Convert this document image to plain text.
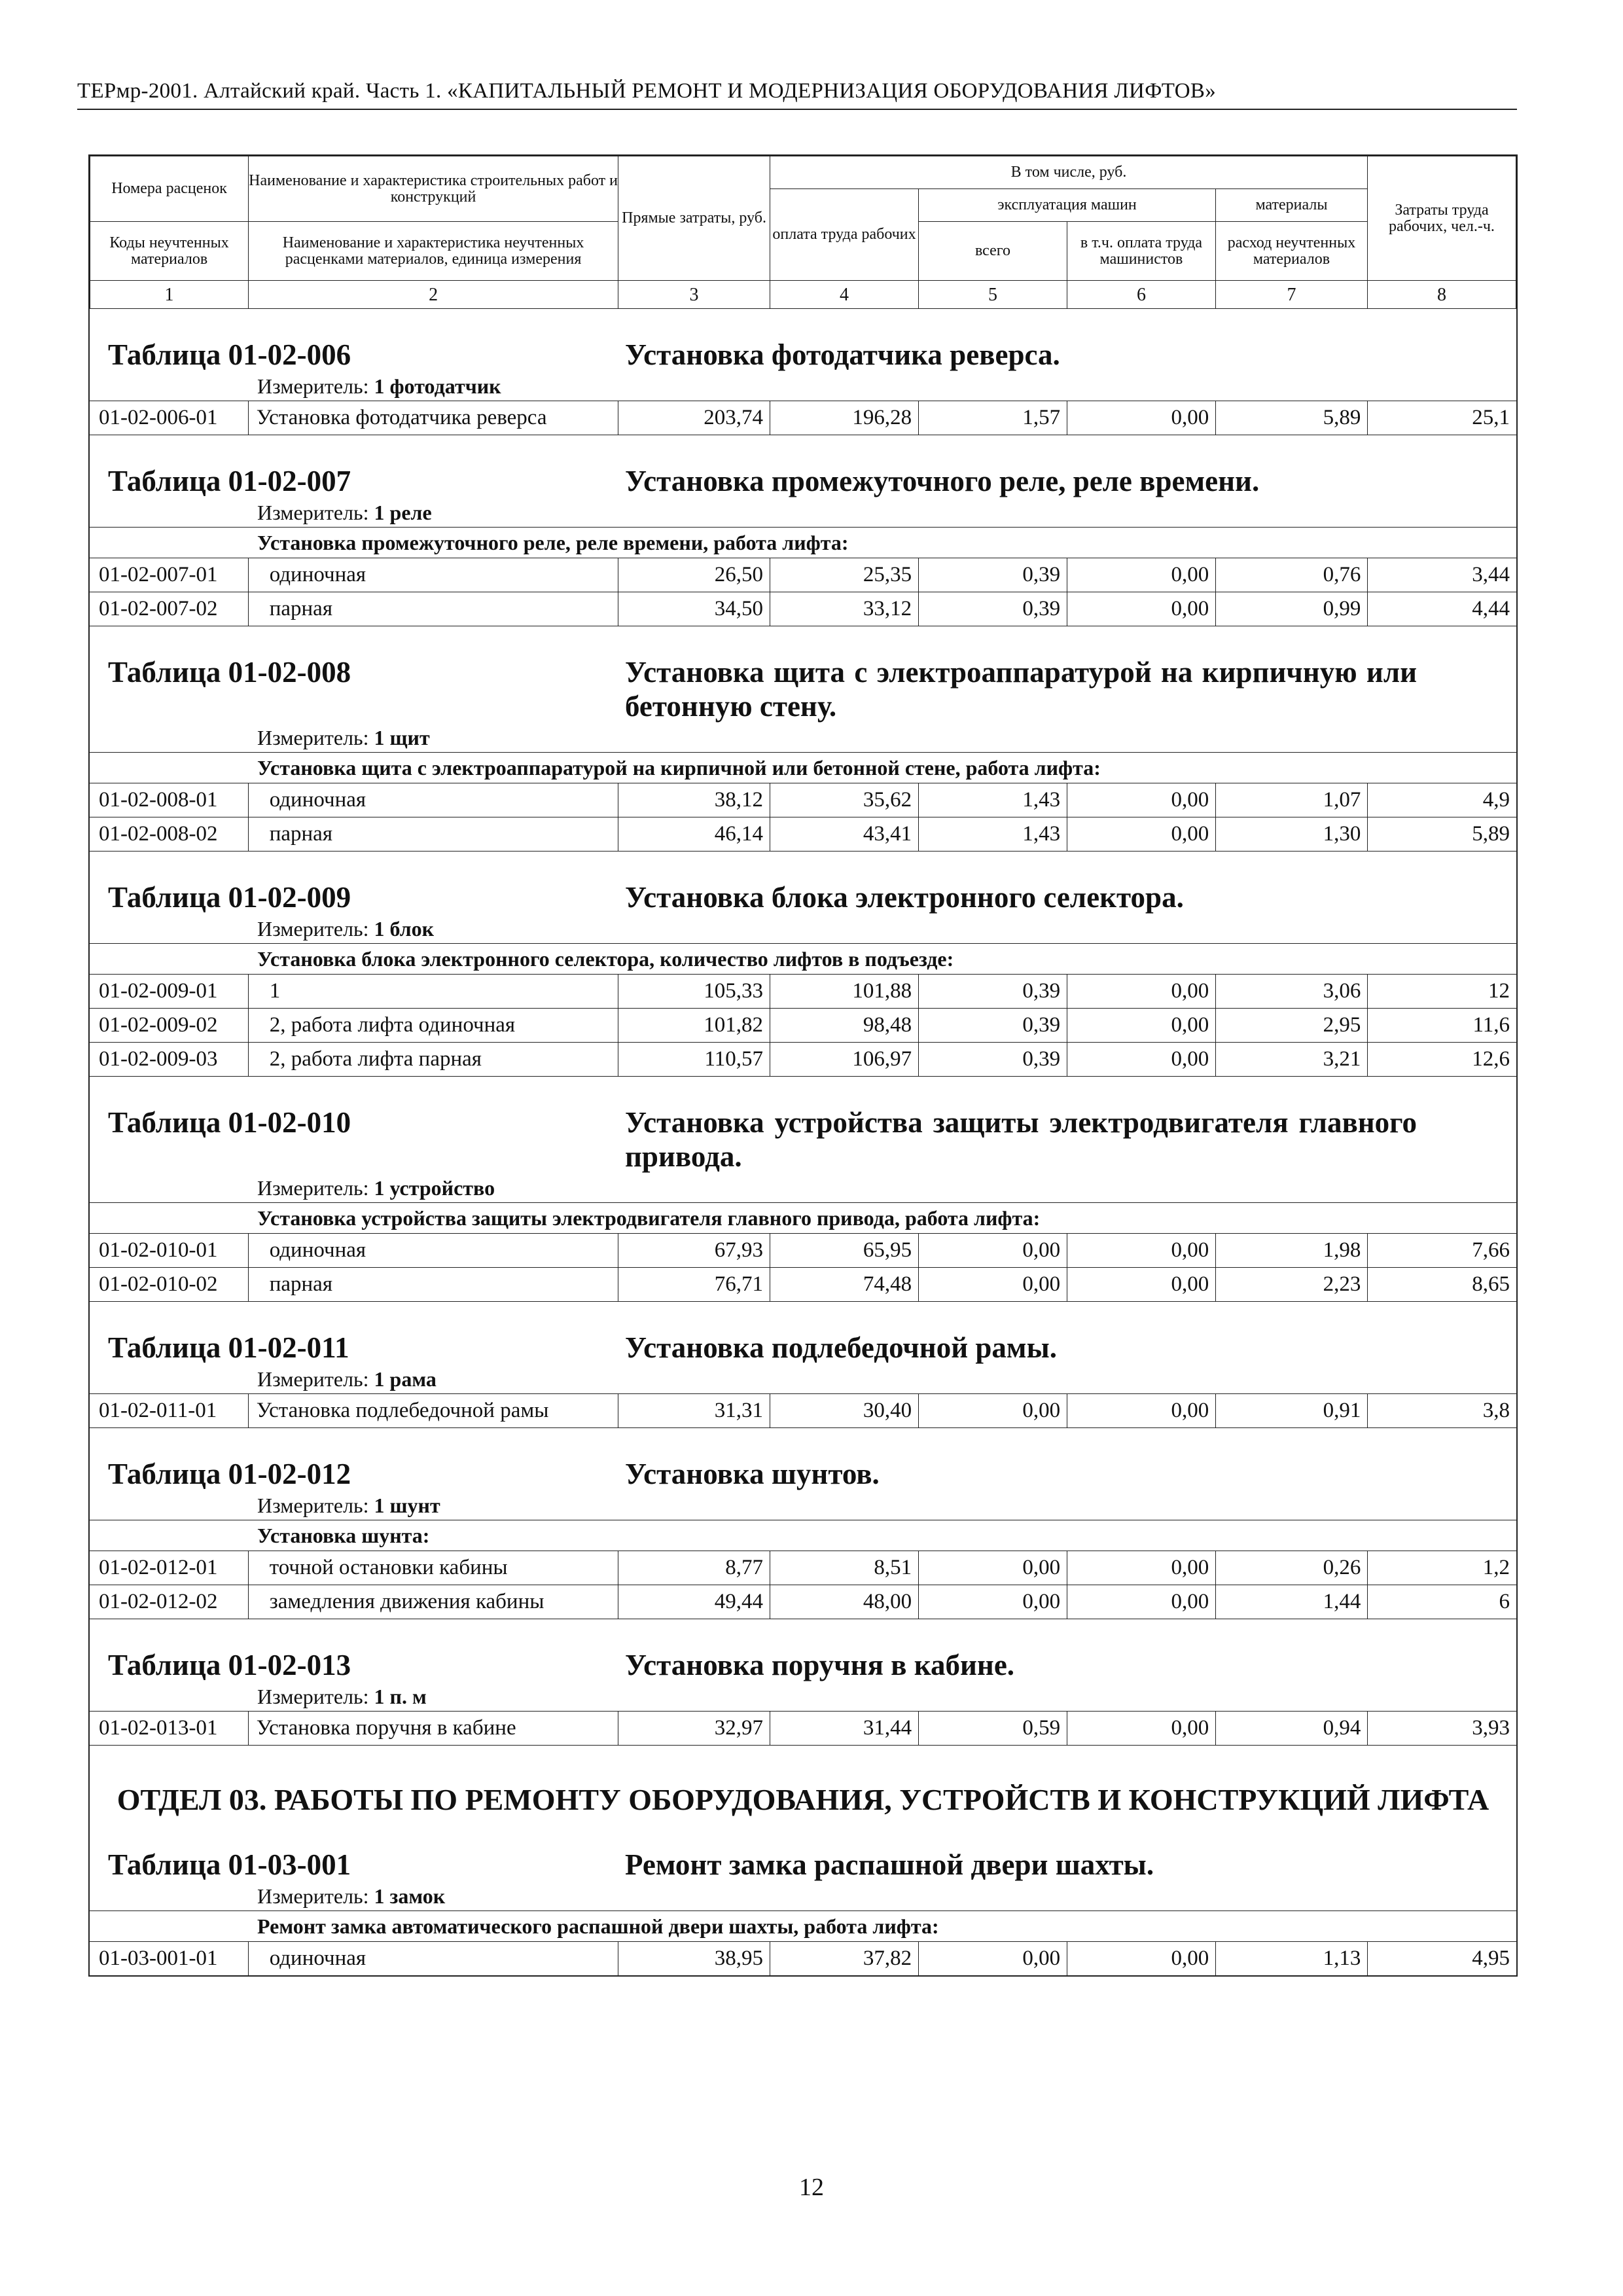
ТЕРмр-2001. Алтайский край. Часть 1. «КАПИТАЛЬНЫЙ РЕМОНТ И МОДЕРНИЗАЦИЯ ОБОРУДОВАНИЯ ЛИФТОВ»
Номера расценок	Наименование и характеристика строительных работ и конструкций	Прямые затраты, руб.	В том числе, руб.				Затраты труда рабочих, чел.-ч.
			оплата труда рабочих	эксплуатация машин		материалы	
Коды неучтенных материалов	Наименование и характеристика неучтенных расценками материалов, единица измерения			всего	в т.ч. оплата труда машинистов	расход неучтенных материалов	
1	2	3	4	5	6	7	8
Таблица 01-02-006 Установка фотодатчика реверса.							

Измеритель: 1 фотодатчик							
01-02-006-01	Установка фотодатчика реверса	203,74	196,28	1,57	0,00	5,89	25,1

Таблица 01-02-007 Установка промежуточного реле, реле времени.							

Измеритель: 1 реле							
Установка промежуточного реле, реле времени, работа лифта:							
01-02-007-01	одиночная	26,50	25,35	0,39	0,00	0,76	3,44
01-02-007-02	парная	34,50	33,12	0,39	0,00	0,99	4,44

Таблица 01-02-008 Установка щита с электроаппаратурой на кирпичную или бетонную стену.							

Измеритель: 1 щит							
Установка щита с электроаппаратурой на кирпичной или бетонной стене, работа лифта:							
01-02-008-01	одиночная	38,12	35,62	1,43	0,00	1,07	4,9
01-02-008-02	парная	46,14	43,41	1,43	0,00	1,30	5,89

Таблица 01-02-009 Установка блока электронного селектора.							

Измеритель: 1 блок							
Установка блока электронного селектора, количество лифтов в подъезде:							
01-02-009-01	1	105,33	101,88	0,39	0,00	3,06	12
01-02-009-02	2, работа лифта одиночная	101,82	98,48	0,39	0,00	2,95	11,6
01-02-009-03	2, работа лифта парная	110,57	106,97	0,39	0,00	3,21	12,6

Таблица 01-02-010 Установка устройства защиты электродвигателя главного привода.							

Измеритель: 1 устройство							
Установка устройства защиты электродвигателя главного привода, работа лифта:							
01-02-010-01	одиночная	67,93	65,95	0,00	0,00	1,98	7,66
01-02-010-02	парная	76,71	74,48	0,00	0,00	2,23	8,65

Таблица 01-02-011 Установка подлебедочной рамы.							

Измеритель: 1 рама							
01-02-011-01	Установка подлебедочной рамы	31,31	30,40	0,00	0,00	0,91	3,8

Таблица 01-02-012 Установка шунтов.							

Измеритель: 1 шунт							
Установка шунта:							
01-02-012-01	точной остановки кабины	8,77	8,51	0,00	0,00	0,26	1,2
01-02-012-02	замедления движения кабины	49,44	48,00	0,00	0,00	1,44	6

Таблица 01-02-013 Установка поручня в кабине.							

Измеритель: 1 п. м							
01-02-013-01	Установка поручня в кабине	32,97	31,44	0,59	0,00	0,94	3,93
ОТДЕЛ 03. РАБОТЫ ПО РЕМОНТУ ОБОРУДОВАНИЯ, УСТРОЙСТВ И КОНСТРУКЦИЙ ЛИФТА							

Таблица 01-03-001 Ремонт замка распашной двери шахты.							

Измеритель: 1 замок							
Ремонт замка автоматического распашной двери шахты, работа лифта:							
01-03-001-01	одиночная	38,95	37,82	0,00	0,00	1,13	4,95
12
